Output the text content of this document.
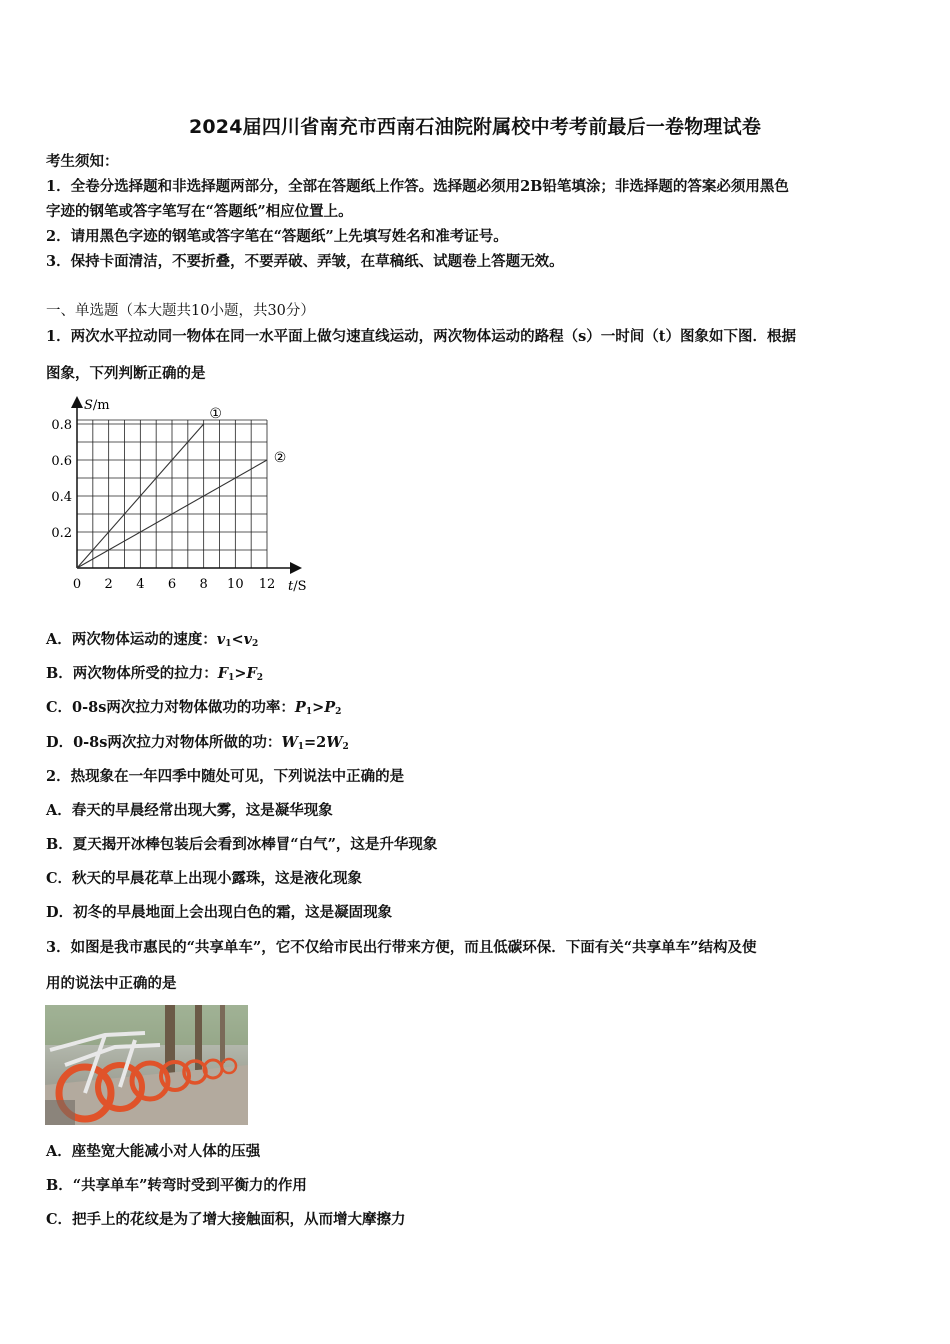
2024届四川省南充市西南石油院附属校中考考前最后一卷物理试卷
考生须知：
1．全卷分选择题和非选择题两部分，全部在答题纸上作答。选择题必须用2B铅笔填涂；非选择题的答案必须用黑色
字迹的钢笔或答字笔写在“答题纸”相应位置上。
2．请用黑色字迹的钢笔或答字笔在“答题纸”上先填写姓名和准考证号。
3．保持卡面清洁，不要折叠，不要弄破、弄皱，在草稿纸、试题卷上答题无效。
一、单选题（本大题共10小题，共30分）
1．两次水平拉动同一物体在同一水平面上做匀速直线运动，两次物体运动的路程（s）一时间（t）图象如下图．根据
图象，下列判断正确的是
0.2
0.4
0.6
0.8
0 2 4 6 8 10 12
①
②
S/m
t/S
A．两次物体运动的速度：$v_1<v_2$
B．两次物体所受的拉力：$F_1>F_2$
C．0-8s两次拉力对物体做功的功率：$P_1>P_2$
D．0-8s两次拉力对物体所做的功：$W_1=2W_2$
2．热现象在一年四季中随处可见，下列说法中正确的是
A．春天的早晨经常出现大雾，这是凝华现象
B．夏天揭开冰棒包装后会看到冰棒冒“白气”，这是升华现象
C．秋天的早晨花草上出现小露珠，这是液化现象
D．初冬的早晨地面上会出现白色的霜，这是凝固现象
3．如图是我市惠民的“共享单车”，它不仅给市民出行带来方便，而且低碳环保．下面有关“共享单车”结构及使
用的说法中正确的是
A．座垫宽大能减小对人体的压强
B．“共享单车”转弯时受到平衡力的作用
C．把手上的花纹是为了增大接触面积，从而增大摩擦力
